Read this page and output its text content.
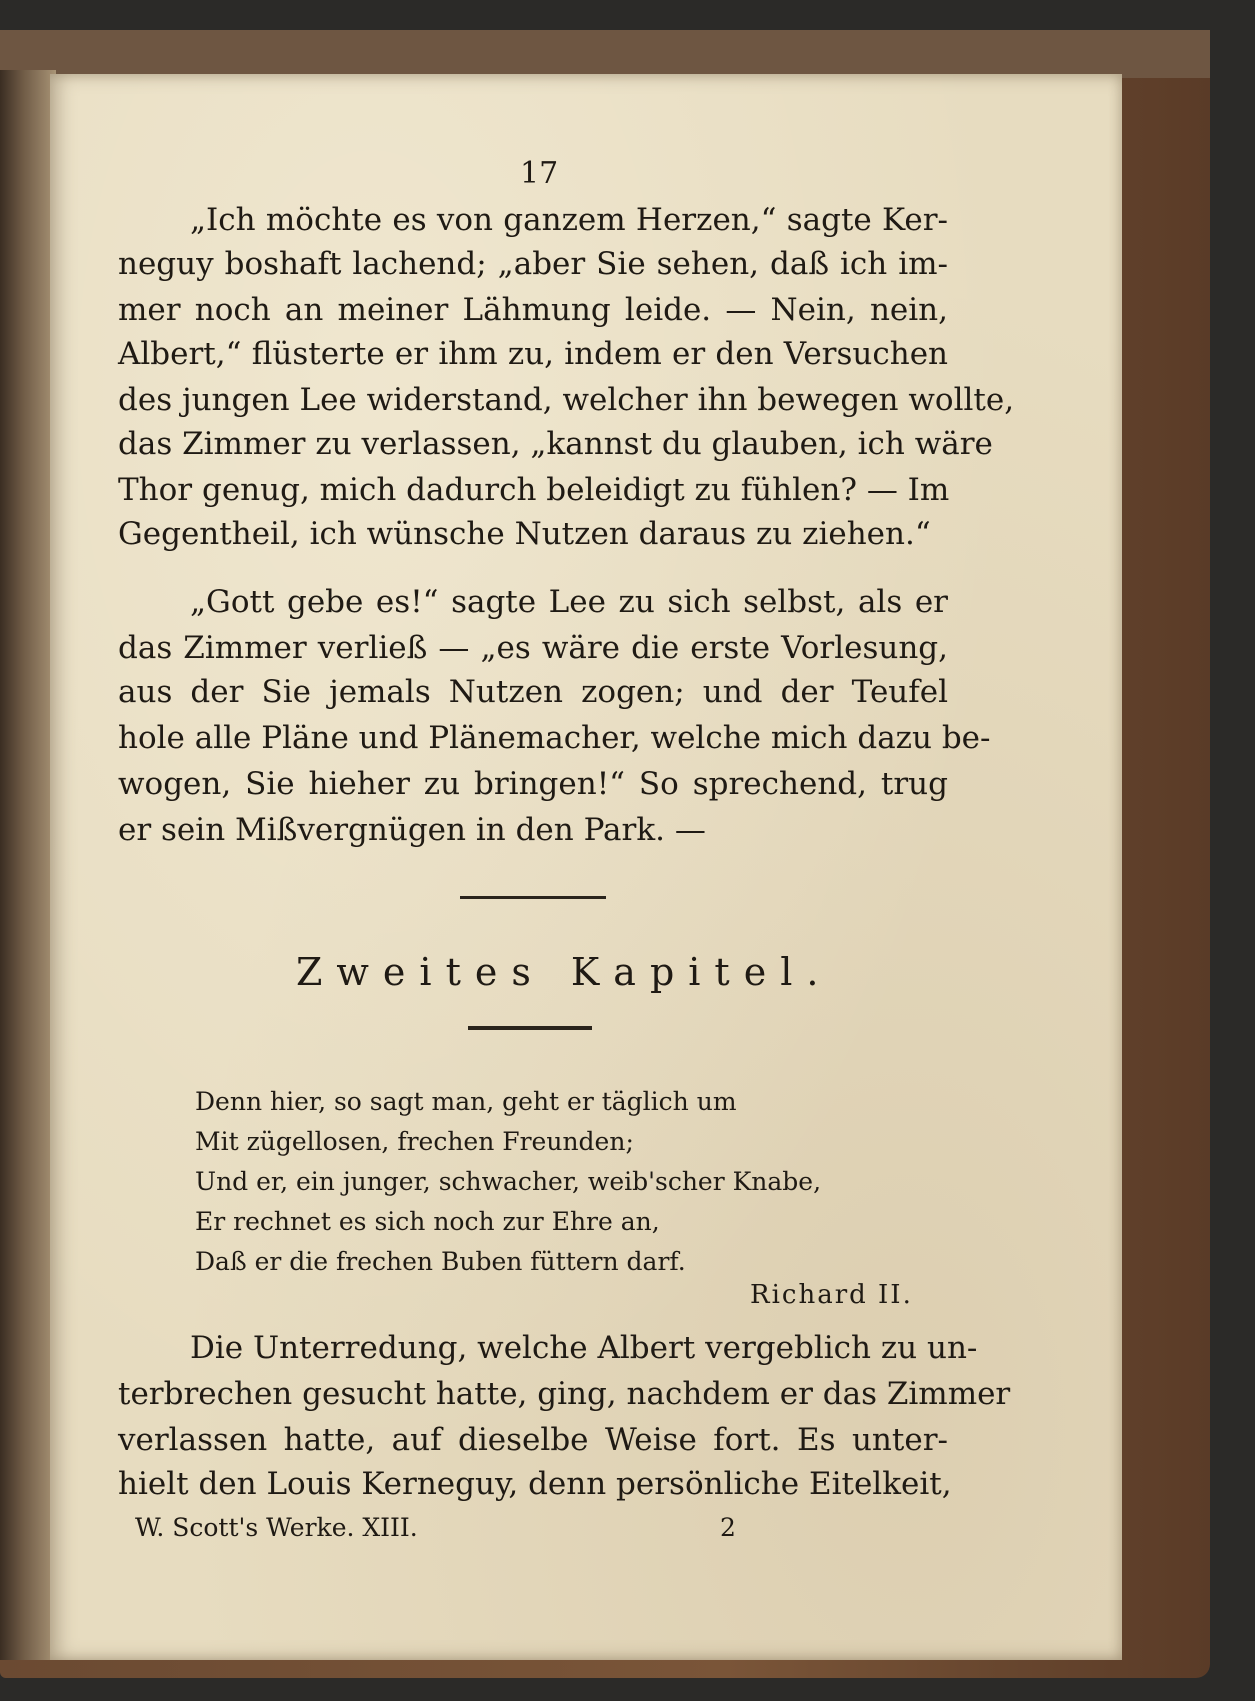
17
„Ich möchte es von ganzem Herzen,“ sagte Ker-
neguy boshaft lachend; „aber Sie sehen, daß ich im-
mer noch an meiner Lähmung leide. — Nein, nein,
Albert,“ flüsterte er ihm zu, indem er den Versuchen
des jungen Lee widerstand, welcher ihn bewegen wollte,
das Zimmer zu verlassen, „kannst du glauben, ich wäre
Thor genug, mich dadurch beleidigt zu fühlen? — Im
Gegentheil, ich wünsche Nutzen daraus zu ziehen.“
„Gott gebe es!“ sagte Lee zu sich selbst, als er
das Zimmer verließ — „es wäre die erste Vorlesung,
aus der Sie jemals Nutzen zogen; und der Teufel
hole alle Pläne und Plänemacher, welche mich dazu be-
wogen, Sie hieher zu bringen!“ So sprechend, trug
er sein Mißvergnügen in den Park. —
Zweites Kapitel.
Denn hier, so sagt man, geht er täglich um
Mit zügellosen, frechen Freunden;
Und er, ein junger, schwacher, weib'scher Knabe,
Er rechnet es sich noch zur Ehre an,
Daß er die frechen Buben füttern darf.
Richard II.
Die Unterredung, welche Albert vergeblich zu un-
terbrechen gesucht hatte, ging, nachdem er das Zimmer
verlassen hatte, auf dieselbe Weise fort. Es unter-
hielt den Louis Kerneguy, denn persönliche Eitelkeit,
W. Scott's Werke. XIII.	2
